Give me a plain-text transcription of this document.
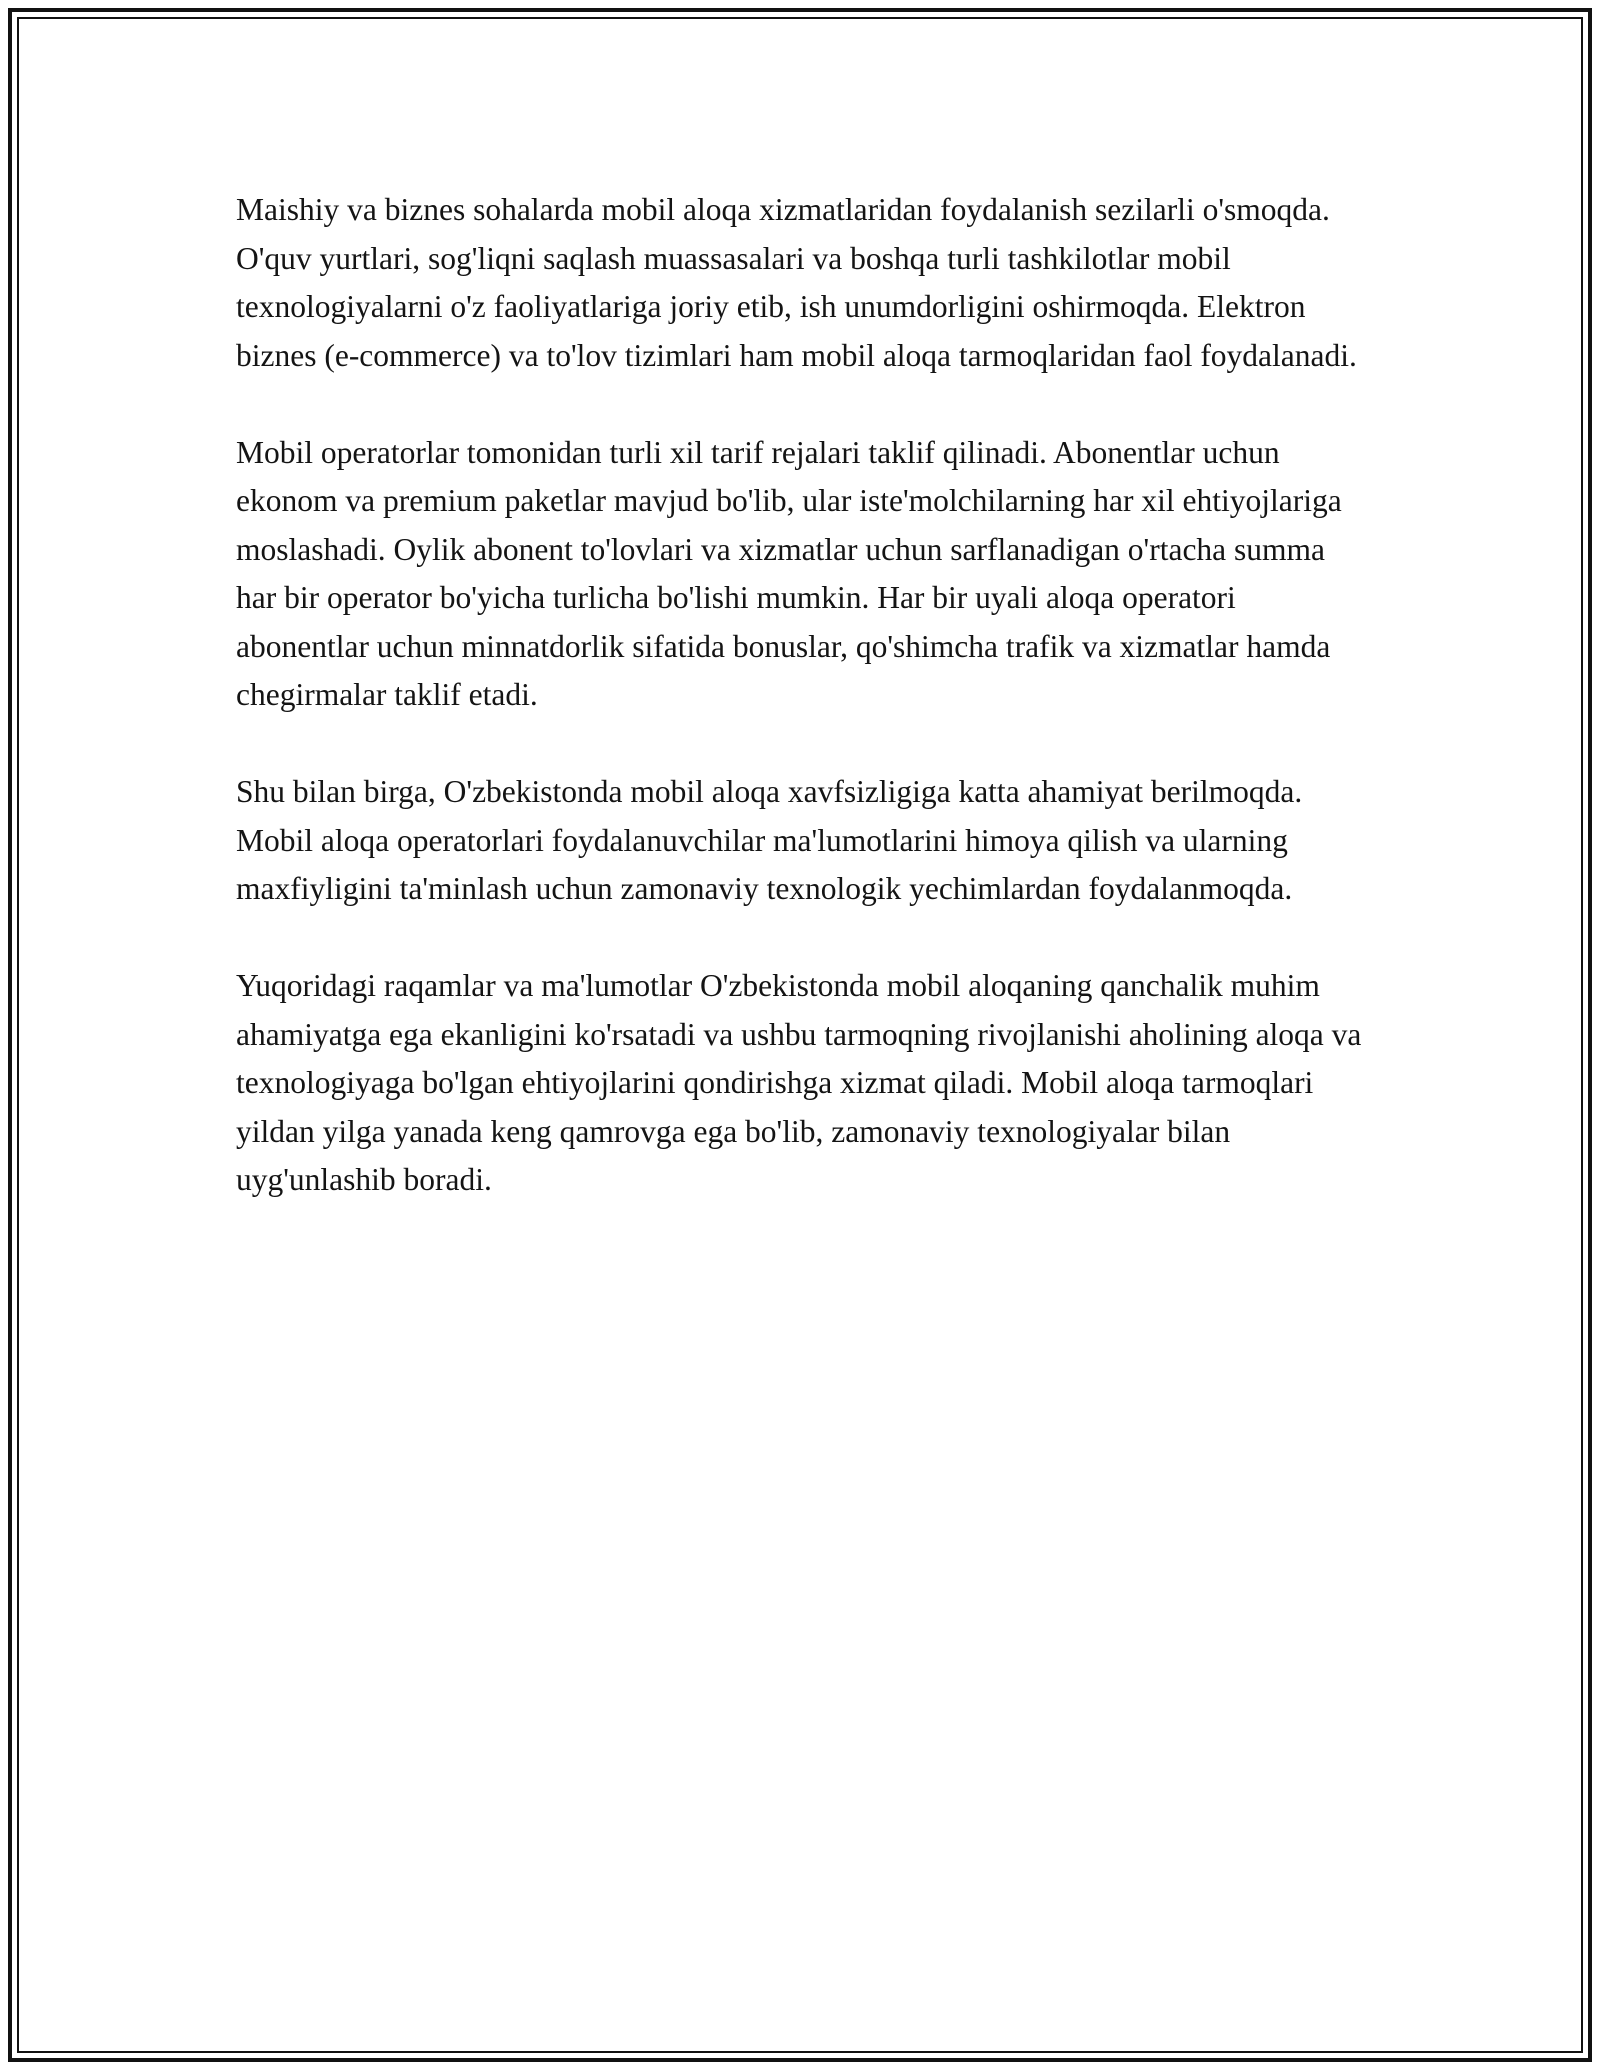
Maishiy va biznes sohalarda mobil aloqa xizmatlaridan foydalanish sezilarli o'smoqda. O'quv yurtlari, sog'liqni saqlash muassasalari va boshqa turli tashkilotlar mobil texnologiyalarni o'z faoliyatlariga joriy etib, ish unumdorligini oshirmoqda. Elektron biznes (e-commerce) va to'lov tizimlari ham mobil aloqa tarmoqlaridan faol foydalanadi.

Mobil operatorlar tomonidan turli xil tarif rejalari taklif qilinadi. Abonentlar uchun ekonom va premium paketlar mavjud bo'lib, ular iste'molchilarning har xil ehtiyojlariga moslashadi. Oylik abonent to'lovlari va xizmatlar uchun sarflanadigan o'rtacha summa har bir operator bo'yicha turlicha bo'lishi mumkin. Har bir uyali aloqa operatori abonentlar uchun minnatdorlik sifatida bonuslar, qo'shimcha trafik va xizmatlar hamda chegirmalar taklif etadi.

Shu bilan birga, O'zbekistonda mobil aloqa xavfsizligiga katta ahamiyat berilmoqda. Mobil aloqa operatorlari foydalanuvchilar ma'lumotlarini himoya qilish va ularning maxfiyligini ta'minlash uchun zamonaviy texnologik yechimlardan foydalanmoqda.

Yuqoridagi raqamlar va ma'lumotlar O'zbekistonda mobil aloqaning qanchalik muhim ahamiyatga ega ekanligini ko'rsatadi va ushbu tarmoqning rivojlanishi aholining aloqa va texnologiyaga bo'lgan ehtiyojlarini qondirishga xizmat qiladi. Mobil aloqa tarmoqlari yildan yilga yanada keng qamrovga ega bo'lib, zamonaviy texnologiyalar bilan uyg'unlashib boradi.
